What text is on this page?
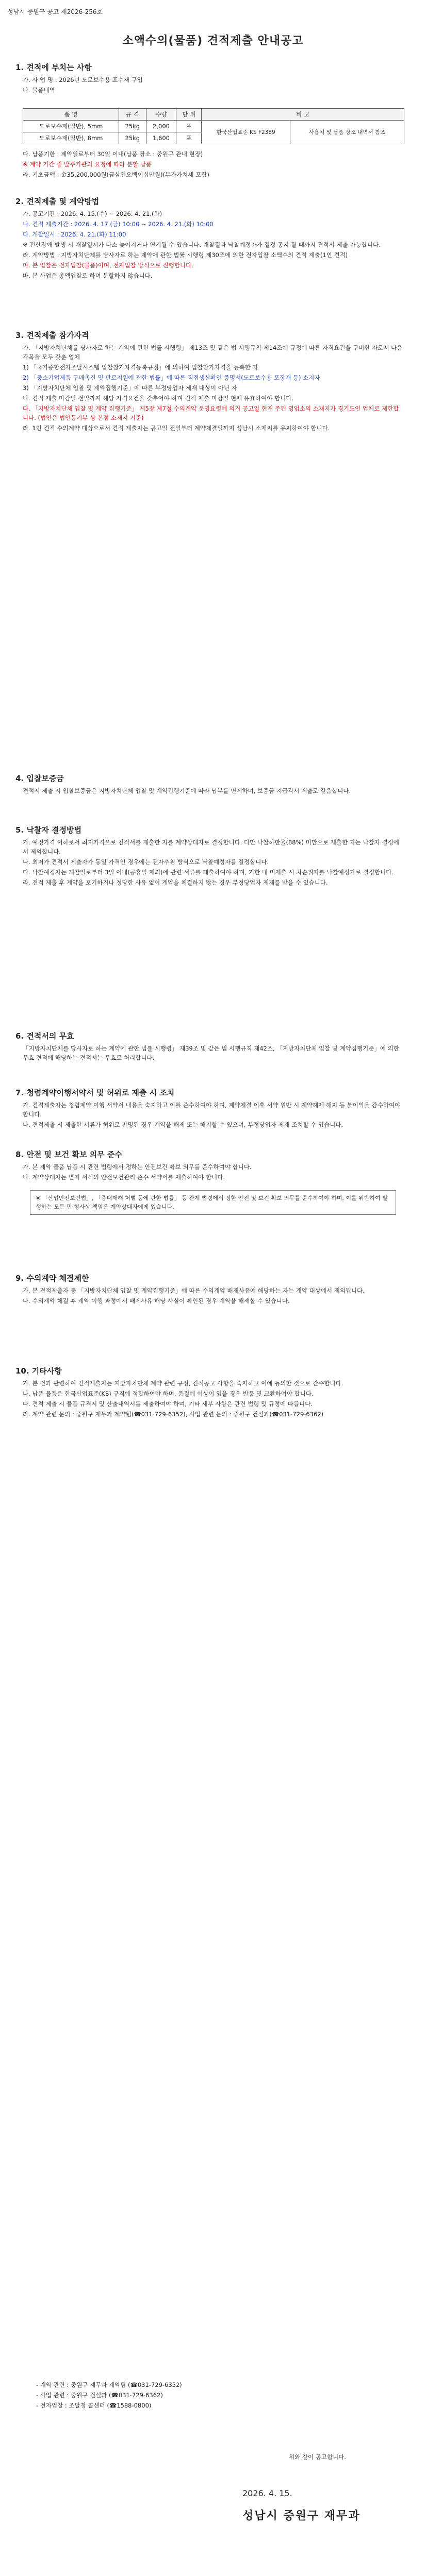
성남시 중원구 공고 제2026-256호
소액수의(물품) 견적제출 안내공고
1. 견적에 부치는 사항

가. 사 업 명 : 2026년 도로보수용 포수재 구입

나. 물품내역

품 명	규 격	수량	단 위	비 고	
도로보수재(일반), 5mm	25kg	2,000	포	한국산업표준 KS F2389	사용처 및 납품 장소 내역서 참조
도로보수재(일반), 8mm	25kg	1,600	포		

다. 납품기한 : 계약일로부터 30일 이내(납품 장소 : 중원구 관내 현장)

※ 계약 기간 중 발주기관의 요청에 따라 분할 납품

라. 기초금액 : 金35,200,000원(금삼천오백이십만원)(부가가치세 포함)

2. 견적제출 및 계약방법

가. 공고기간 : 2026. 4. 15.(수) ~ 2026. 4. 21.(화)

나. 견적 제출기간 : 2026. 4. 17.(금) 10:00 ~ 2026. 4. 21.(화) 10:00

다. 개찰일시 : 2026. 4. 21.(화) 11:00

※ 전산장애 발생 시 개찰일시가 다소 늦어지거나 연기될 수 있습니다. 개찰결과 낙찰예정자가 결정 공지 될 때까지 견적서 제출 가능합니다.

라. 계약방법 : 지방자치단체를 당사자로 하는 계약에 관한 법률 시행령 제30조에 의한 전자입찰 소액수의 견적 제출(1인 견적)

마. 본 입찰은 전자입찰(물품)이며, 전자입찰 방식으로 진행합니다.

바. 본 사업은 총액입찰로 하며 분할하지 않습니다.

3. 견적제출 참가자격

가. 「지방자치단체를 당사자로 하는 계약에 관한 법률 시행령」 제13조 및 같은 법 시행규칙 제14조에 규정에 따른 자격요건을 구비한 자로서 다음 각목을 모두 갖춘 업체

1) 「국가종합전자조달시스템 입찰참가자격등록규정」에 의하여 입찰참가자격을 등록한 자

2) 「중소기업제품 구매촉진 및 판로지원에 관한 법률」에 따른 직접생산확인 증명서(도로보수용 포장재 등) 소지자

3) 「지방자치단체 입찰 및 계약집행기준」에 따른 부정당업자 제재 대상이 아닌 자

나. 견적 제출 마감일 전일까지 해당 자격요건을 갖추어야 하며 견적 제출 마감일 현재 유효하여야 합니다.

다. 「지방자치단체 입찰 및 계약 집행기준」 제5장 제7절 수의계약 운영요령에 의거 공고일 현재 주된 영업소의 소재지가 경기도인 업체로 제한합니다. (법인은 법인등기부 상 본점 소재지 기준)

라. 1인 견적 수의계약 대상으로서 견적 제출자는 공고일 전일부터 계약체결일까지 성남시 소재지를 유지하여야 합니다.

4. 입찰보증금

견적서 제출 시 입찰보증금은 지방자치단체 입찰 및 계약집행기준에 따라 납부를 면제하며, 보증금 지급각서 제출로 갈음합니다.

5. 낙찰자 결정방법

가. 예정가격 이하로서 최저가격으로 견적서를 제출한 자를 계약상대자로 결정합니다. 다만 낙찰하한율(88%) 미만으로 제출한 자는 낙찰자 결정에서 제외합니다.

나. 최저가 견적서 제출자가 동일 가격인 경우에는 전자추첨 방식으로 낙찰예정자를 결정합니다.

다. 낙찰예정자는 개찰일로부터 3일 이내(공휴일 제외)에 관련 서류를 제출하여야 하며, 기한 내 미제출 시 차순위자를 낙찰예정자로 결정합니다.

라. 견적 제출 후 계약을 포기하거나 정당한 사유 없이 계약을 체결하지 않는 경우 부정당업자 제재를 받을 수 있습니다.

6. 견적서의 무효

「지방자치단체를 당사자로 하는 계약에 관한 법률 시행령」 제39조 및 같은 법 시행규칙 제42조, 「지방자치단체 입찰 및 계약집행기준」에 의한 무효 견적에 해당하는 견적서는 무효로 처리합니다.

7. 청렴계약이행서약서 및 허위로 제출 시 조치

가. 견적제출자는 청렴계약 이행 서약서 내용을 숙지하고 이를 준수하여야 하며, 계약체결 이후 서약 위반 시 계약해제·해지 등 불이익을 감수하여야 합니다.

나. 견적제출 시 제출한 서류가 허위로 판명된 경우 계약을 해제 또는 해지할 수 있으며, 부정당업자 제재 조치할 수 있습니다.

8. 안전 및 보건 확보 의무 준수

가. 본 계약 물품 납품 시 관련 법령에서 정하는 안전보건 확보 의무를 준수하여야 합니다.

나. 계약상대자는 별지 서식의 안전보건관리 준수 서약서를 제출하여야 합니다.

※ 「산업안전보건법」, 「중대재해 처벌 등에 관한 법률」 등 관계 법령에서 정한 안전 및 보건 확보 의무를 준수하여야 하며, 이를 위반하여 발생하는 모든 민·형사상 책임은 계약상대자에게 있습니다.
9. 수의계약 체결제한

가. 본 견적제출자 중 「지방자치단체 입찰 및 계약집행기준」에 따른 수의계약 배제사유에 해당하는 자는 계약 대상에서 제외됩니다.

나. 수의계약 체결 후 계약 이행 과정에서 배제사유 해당 사실이 확인된 경우 계약을 해제할 수 있습니다.

10. 기타사항

가. 본 건과 관련하여 견적제출자는 지방자치단체 계약 관련 규정, 견적공고 사항을 숙지하고 이에 동의한 것으로 간주합니다.

나. 납품 물품은 한국산업표준(KS) 규격에 적합하여야 하며, 품질에 이상이 있을 경우 반품 및 교환하여야 합니다.

다. 견적 제출 시 물품 규격서 및 산출내역서를 제출하여야 하며, 기타 세부 사항은 관련 법령 및 규정에 따릅니다.

라. 계약 관련 문의 : 중원구 재무과 계약팀(☎031-729-6352), 사업 관련 문의 : 중원구 건설과(☎031-729-6362)

- 계약 관련 : 중원구 재무과 계약팀 (☎031-729-6352)

- 사업 관련 : 중원구 건설과 (☎031-729-6362)

- 전자입찰 : 조달청 콜센터 (☎1588-0800)

위와 같이 공고합니다.
2026. 4. 15.
성남시 중원구 재무과
